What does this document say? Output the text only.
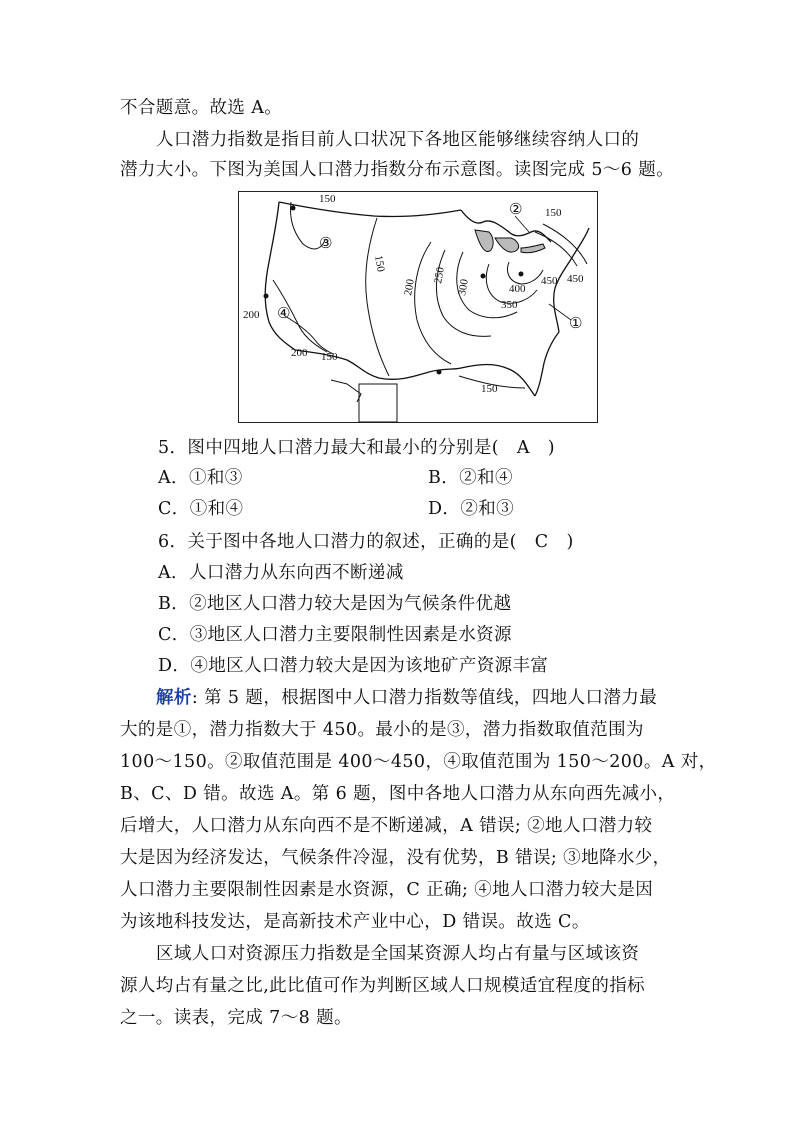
不合题意。故选 A。
人口潜力指数是指目前人口状况下各地区能够继续容纳人口的
潜力大小。下图为美国人口潜力指数分布示意图。读图完成 5～6 题。
150
150
150
200
250
300	400
350
450 450
200
200 150
150
①
②
③
④
5．图中四地人口潜力最大和最小的分别是(　A　)
A．①和③	B．②和④
C．①和④	D．②和③
6．关于图中各地人口潜力的叙述，正确的是(　C　)
A．人口潜力从东向西不断递减
B．②地区人口潜力较大是因为气候条件优越
C．③地区人口潜力主要限制性因素是水资源
D．④地区人口潜力较大是因为该地矿产资源丰富
解析: 第 5 题，根据图中人口潜力指数等值线，四地人口潜力最
大的是①，潜力指数大于 450。最小的是③，潜力指数取值范围为
100～150。②取值范围是 400～450，④取值范围为 150～200。A 对，
B、C、D 错。故选 A。第 6 题，图中各地人口潜力从东向西先减小，
后增大，人口潜力从东向西不是不断递减，A 错误; ②地人口潜力较
大是因为经济发达，气候条件冷湿，没有优势，B 错误; ③地降水少，
人口潜力主要限制性因素是水资源，C 正确; ④地人口潜力较大是因
为该地科技发达，是高新技术产业中心，D 错误。故选 C。
区域人口对资源压力指数是全国某资源人均占有量与区域该资
源人均占有量之比,此比值可作为判断区域人口规模适宜程度的指标
之一。读表，完成 7～8 题。
